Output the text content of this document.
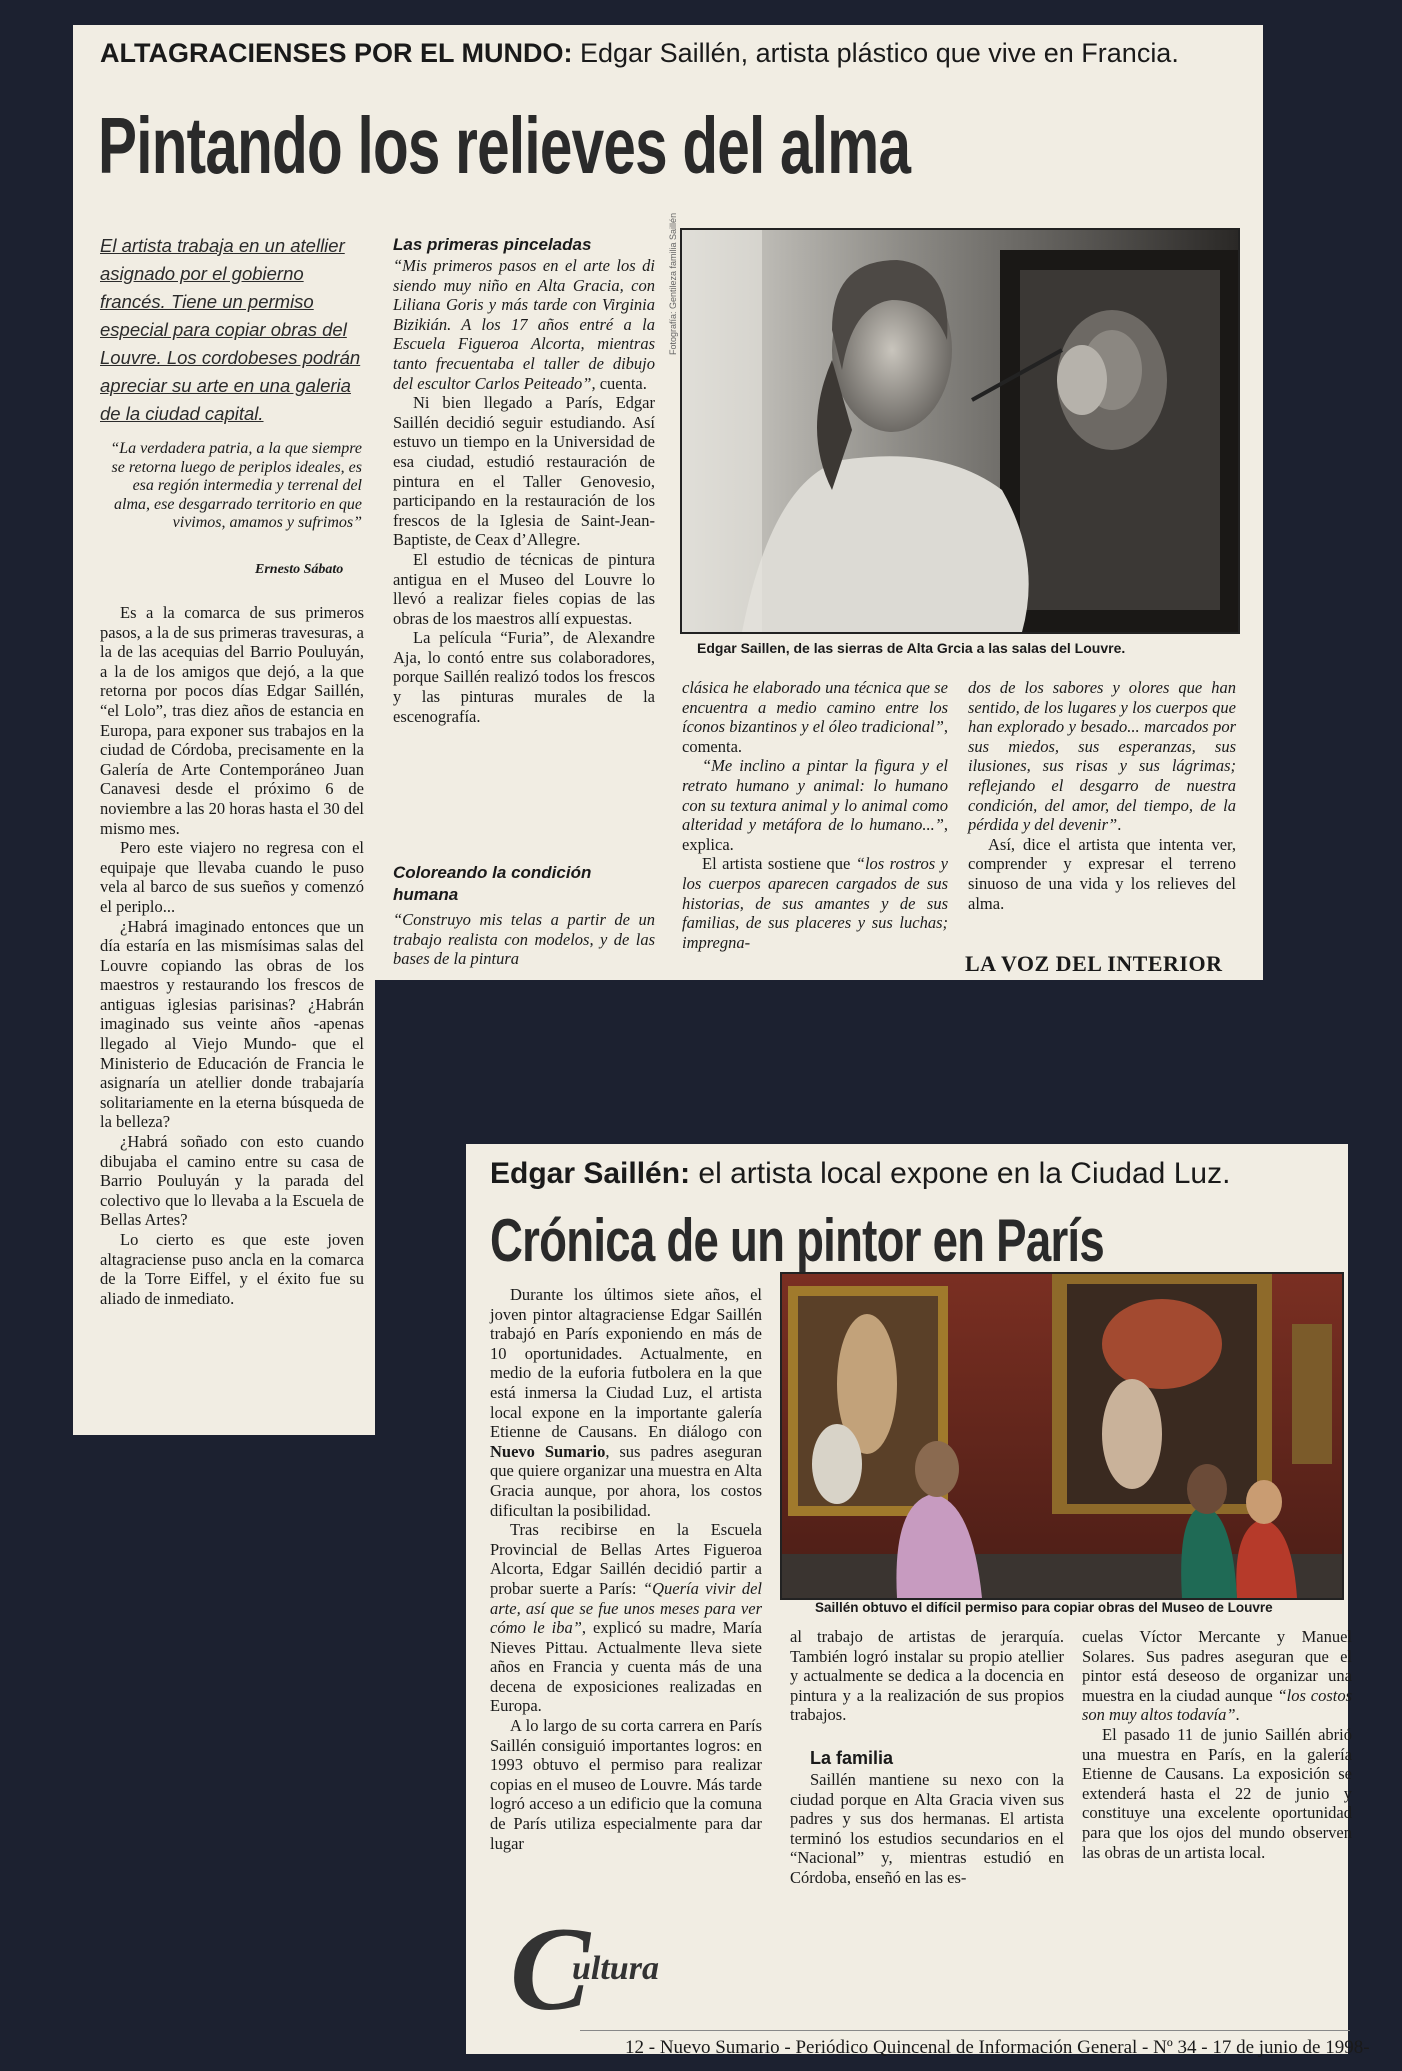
ALTAGRACIENSES POR EL MUNDO: Edgar Saillén, artista plástico que vive en Francia.
Pintando los relieves del alma
El artista trabaja en un atellier asignado por el gobierno francés. Tiene un permiso especial para copiar obras del Louvre. Los cordobeses podrán apreciar su arte en una galeria de la ciudad capital.
“La verdadera patria, a la que siempre se retorna luego de periplos ideales, es esa región intermedia y terrenal del alma, ese desgarrado territorio en que vivimos, amamos y sufrimos”
Ernesto Sábato

Es a la comarca de sus primeros pasos, a la de sus primeras travesuras, a la de las acequias del Barrio Pouluyán, a la de los amigos que dejó, a la que retorna por pocos días Edgar Saillén, “el Lolo”, tras diez años de estancia en Europa, para exponer sus trabajos en la ciudad de Córdoba, precisamente en la Galería de Arte Contemporáneo Juan Canavesi desde el próximo 6 de noviembre a las 20 horas hasta el 30 del mismo mes.

Pero este viajero no regresa con el equipaje que llevaba cuando le puso vela al barco de sus sueños y comenzó el periplo...

¿Habrá imaginado entonces que un día estaría en las mismísimas salas del Louvre copiando las obras de los maestros y restaurando los frescos de antiguas iglesias parisinas? ¿Habrán imaginado sus veinte años -apenas llegado al Viejo Mundo- que el Ministerio de Educación de Francia le asignaría un atellier donde trabajaría solitariamente en la eterna búsqueda de la belleza?

¿Habrá soñado con esto cuando dibujaba el camino entre su casa de Barrio Pouluyán y la parada del colectivo que lo llevaba a la Escuela de Bellas Artes?

Lo cierto es que este joven altagraciense puso ancla en la comarca de la Torre Eiffel, y el éxito fue su aliado de inmediato.

Las primeras pinceladas

“Mis primeros pasos en el arte los di siendo muy niño en Alta Gracia, con Liliana Goris y más tarde con Virginia Bizikián. A los 17 años entré a la Escuela Figueroa Alcorta, mientras tanto frecuentaba el taller de dibujo del escultor Carlos Peiteado”, cuenta.

Ni bien llegado a París, Edgar Saillén decidió seguir estudiando. Así estuvo un tiempo en la Universidad de esa ciudad, estudió restauración de pintura en el Taller Genovesio, participando en la restauración de los frescos de la Iglesia de Saint-Jean-Baptiste, de Ceax d’Allegre.

El estudio de técnicas de pintura antigua en el Museo del Louvre lo llevó a realizar fieles copias de las obras de los maestros allí expuestas.

La película “Furia”, de Alexandre Aja, lo contó entre sus colaboradores, porque Saillén realizó todos los frescos y las pinturas murales de la escenografía.

Coloreando la condición humana
“Construyo mis telas a partir de un trabajo realista con modelos, y de las bases de la pintura
Fotografía: Gentileza familia Saillén
Edgar Saillen, de las sierras de Alta Grcia a las salas del Louvre.

clásica he elaborado una técnica que se encuentra a medio camino entre los íconos bizantinos y el óleo tradicional”, comenta.

“Me inclino a pintar la figura y el retrato humano y animal: lo humano con su textura animal y lo animal como alteridad y metáfora de lo humano...”, explica.

El artista sostiene que “los rostros y los cuerpos aparecen cargados de sus historias, de sus amantes y de sus familias, de sus placeres y sus luchas; impregna-

dos de los sabores y olores que han sentido, de los lugares y los cuerpos que han explorado y besado... marcados por sus miedos, sus esperanzas, sus ilusiones, sus risas y sus lágrimas; reflejando el desgarro de nuestra condición, del amor, del tiempo, de la pérdida y del devenir”.

Así, dice el artista que intenta ver, comprender y expresar el terreno sinuoso de una vida y los relieves del alma.

LA VOZ DEL INTERIOR
Edgar Saillén: el artista local expone en la Ciudad Luz.
Crónica de un pintor en París

Durante los últimos siete años, el joven pintor altagraciense Edgar Saillén trabajó en París exponiendo en más de 10 oportunidades. Actualmente, en medio de la euforia futbolera en la que está inmersa la Ciudad Luz, el artista local expone en la importante galería Etienne de Causans. En diálogo con Nuevo Sumario, sus padres aseguran que quiere organizar una muestra en Alta Gracia aunque, por ahora, los costos dificultan la posibilidad.

Tras recibirse en la Escuela Provincial de Bellas Artes Figueroa Alcorta, Edgar Saillén decidió partir a probar suerte a París: “Quería vivir del arte, así que se fue unos meses para ver cómo le iba”, explicó su madre, María Nieves Pittau. Actualmente lleva siete años en Francia y cuenta más de una decena de exposiciones realizadas en Europa.

A lo largo de su corta carrera en París Saillén consiguió importantes logros: en 1993 obtuvo el permiso para realizar copias en el museo de Louvre. Más tarde logró acceso a un edificio que la comuna de París utiliza especialmente para dar lugar

Saillén obtuvo el difícil permiso para copiar obras del Museo de Louvre

al trabajo de artistas de jerarquía. También logró instalar su propio atellier y actualmente se dedica a la docencia en pintura y a la realización de sus propios trabajos.

La familia

Saillén mantiene su nexo con la ciudad porque en Alta Gracia viven sus padres y sus dos hermanas. El artista terminó los estudios secundarios en el “Nacional” y, mientras estudió en Córdoba, enseñó en las es-

cuelas Víctor Mercante y Manuel Solares. Sus padres aseguran que el pintor está deseoso de organizar una muestra en la ciudad aunque “los costos son muy altos todavía”.

El pasado 11 de junio Saillén abrió una muestra en París, en la galería Etienne de Causans. La exposición se extenderá hasta el 22 de junio y constituye una excelente oportunidad para que los ojos del mundo observen las obras de un artista local.

C
ultura
12 - Nuevo Sumario - Periódico Quincenal de Información General - Nº 34 - 17 de junio de 1998-
